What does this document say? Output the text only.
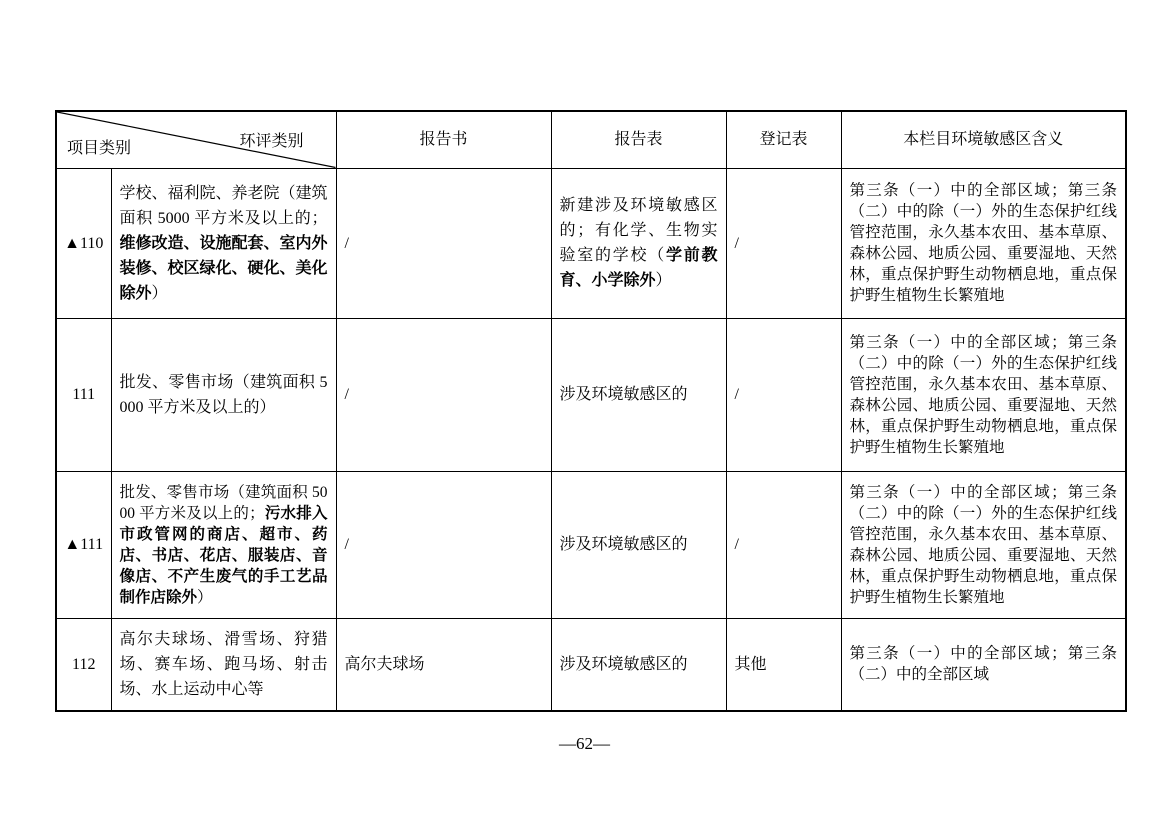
项目类别 环评类别		报告书	报告表	登记表	本栏目环境敏感区含义
▲110	学校、福利院、养老院（建筑面积 5000 平方米及以上的；维修改造、设施配套、室内外装修、校区绿化、硬化、美化除外）	/	新建涉及环境敏感区的；有化学、生物实验室的学校（学前教育、小学除外）	/	第三条（一）中的全部区域；第三条（二）中的除（一）外的生态保护红线管控范围，永久基本农田、基本草原、森林公园、地质公园、重要湿地、天然林，重点保护野生动物栖息地，重点保护野生植物生长繁殖地
111	批发、零售市场（建筑面积 5000 平方米及以上的）	/	涉及环境敏感区的	/	第三条（一）中的全部区域；第三条（二）中的除（一）外的生态保护红线管控范围，永久基本农田、基本草原、森林公园、地质公园、重要湿地、天然林，重点保护野生动物栖息地，重点保护野生植物生长繁殖地
▲111	批发、零售市场（建筑面积 5000 平方米及以上的；污水排入市政管网的商店、超市、药店、书店、花店、服装店、音像店、不产生废气的手工艺品制作店除外）	/	涉及环境敏感区的	/	第三条（一）中的全部区域；第三条（二）中的除（一）外的生态保护红线管控范围，永久基本农田、基本草原、森林公园、地质公园、重要湿地、天然林，重点保护野生动物栖息地，重点保护野生植物生长繁殖地
112	高尔夫球场、滑雪场、狩猎场、赛车场、跑马场、射击场、水上运动中心等	高尔夫球场	涉及环境敏感区的	其他	第三条（一）中的全部区域；第三条（二）中的全部区域
—62—
